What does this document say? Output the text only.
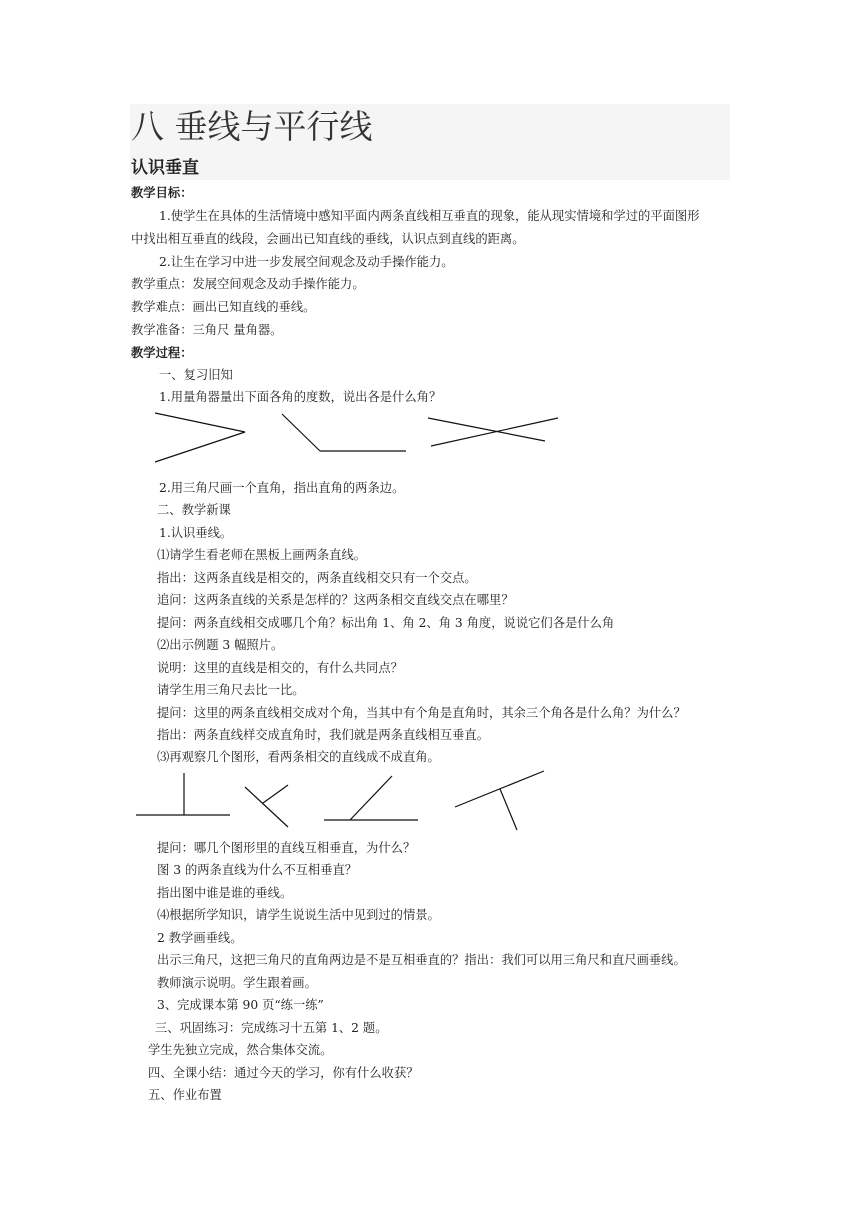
八 垂线与平行线
认识垂直
教学目标：
1.使学生在具体的生活情境中感知平面内两条直线相互垂直的现象，能从现实情境和学过的平面图形
中找出相互垂直的线段，会画出已知直线的垂线，认识点到直线的距离。
2.让生在学习中进一步发展空间观念及动手操作能力。
教学重点：发展空间观念及动手操作能力。
教学难点：画出已知直线的垂线。
教学准备：三角尺 量角器。
教学过程：
一、复习旧知
1.用量角器量出下面各角的度数，说出各是什么角？
2.用三角尺画一个直角，指出直角的两条边。
二、教学新课
1.认识垂线。
⑴请学生看老师在黑板上画两条直线。
指出：这两条直线是相交的，两条直线相交只有一个交点。
追问：这两条直线的关系是怎样的？这两条相交直线交点在哪里？
提问：两条直线相交成哪几个角？标出角 1、角 2、角 3 角度，说说它们各是什么角
⑵出示例题 3 幅照片。
说明：这里的直线是相交的，有什么共同点？
请学生用三角尺去比一比。
提问：这里的两条直线相交成对个角，当其中有个角是直角时，其余三个角各是什么角？为什么？
指出：两条直线样交成直角时，我们就是两条直线相互垂直。
⑶再观察几个图形，看两条相交的直线成不成直角。
提问：哪几个图形里的直线互相垂直，为什么？
图 3 的两条直线为什么不互相垂直？
指出图中谁是谁的垂线。
⑷根据所学知识，请学生说说生活中见到过的情景。
2 教学画垂线。
出示三角尺，这把三角尺的直角两边是不是互相垂直的？指出：我们可以用三角尺和直尺画垂线。
教师演示说明。学生跟着画。
3、完成课本第 90 页“练一练”
三、巩固练习：完成练习十五第 1、2 题。
学生先独立完成，然合集体交流。
四、全课小结：通过今天的学习，你有什么收获？
五、作业布置
